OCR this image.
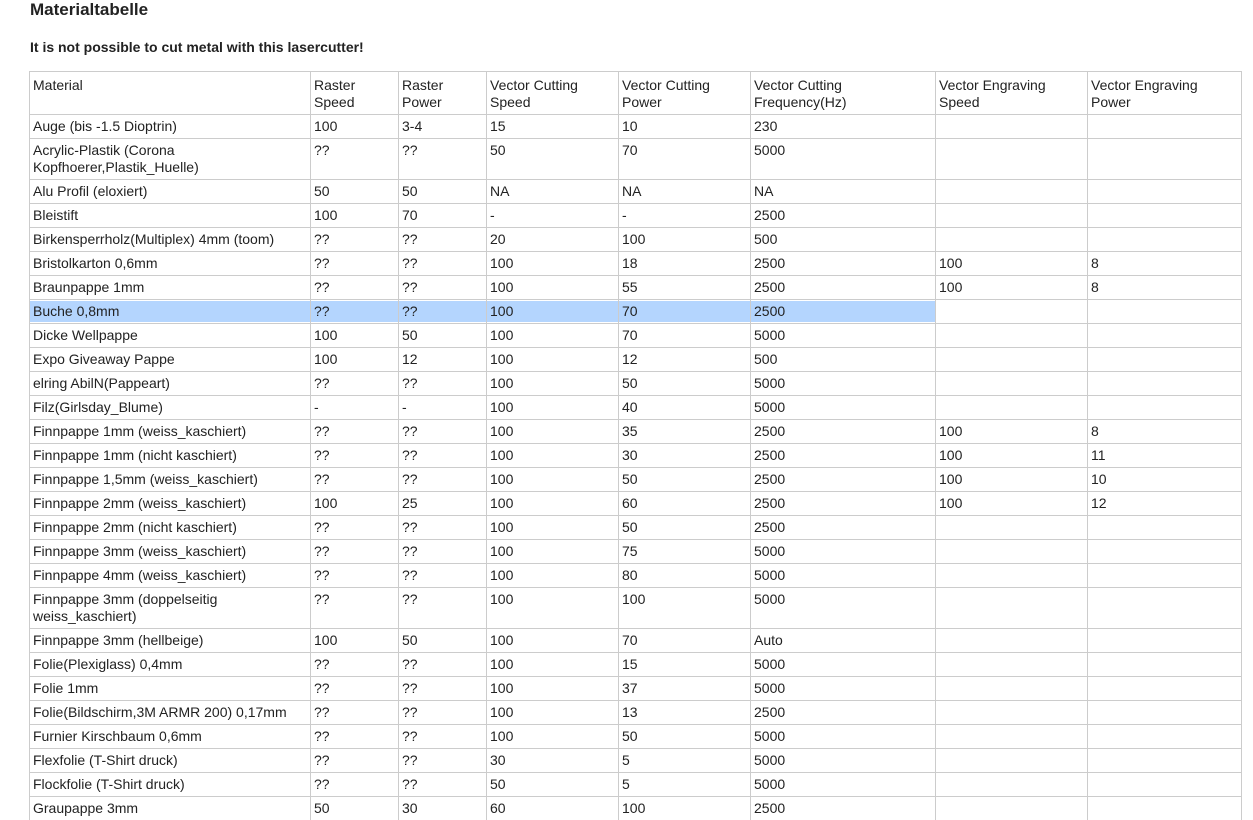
Materialtabelle

It is not possible to cut metal with this lasercutter!

Material	Raster Speed	Raster Power	Vector Cutting Speed	Vector Cutting Power	Vector Cutting Frequency(Hz)	Vector Engraving Speed	Vector Engraving Power
Auge (bis -1.5 Dioptrin)	100	3-4	15	10	230		
Acrylic-Plastik (Corona Kopfhoerer,Plastik_Huelle)	??	??	50	70	5000		
Alu Profil (eloxiert)	50	50	NA	NA	NA		
Bleistift	100	70	-	-	2500		
Birkensperrholz(Multiplex) 4mm (toom)	??	??	20	100	500		
Bristolkarton 0,6mm	??	??	100	18	2500	100	8
Braunpappe 1mm	??	??	100	55	2500	100	8

Buche 0,8mm	??	??	100	70	2500		

Dicke Wellpappe	100	50	100	70	5000		
Expo Giveaway Pappe	100	12	100	12	500		
elring AbilN(Pappeart)	??	??	100	50	5000		
Filz(Girlsday_Blume)	-	-	100	40	5000		
Finnpappe 1mm (weiss_kaschiert)	??	??	100	35	2500	100	8
Finnpappe 1mm (nicht kaschiert)	??	??	100	30	2500	100	11
Finnpappe 1,5mm (weiss_kaschiert)	??	??	100	50	2500	100	10
Finnpappe 2mm (weiss_kaschiert)	100	25	100	60	2500	100	12
Finnpappe 2mm (nicht kaschiert)	??	??	100	50	2500		
Finnpappe 3mm (weiss_kaschiert)	??	??	100	75	5000		
Finnpappe 4mm (weiss_kaschiert)	??	??	100	80	5000		
Finnpappe 3mm (doppelseitig weiss_kaschiert)	??	??	100	100	5000		
Finnpappe 3mm (hellbeige)	100	50	100	70	Auto		
Folie(Plexiglass) 0,4mm	??	??	100	15	5000		
Folie 1mm	??	??	100	37	5000		
Folie(Bildschirm,3M ARMR 200) 0,17mm	??	??	100	13	2500		
Furnier Kirschbaum 0,6mm	??	??	100	50	5000		
Flexfolie (T-Shirt druck)	??	??	30	5	5000		
Flockfolie (T-Shirt druck)	??	??	50	5	5000		
Graupappe 3mm	50	30	60	100	2500		
